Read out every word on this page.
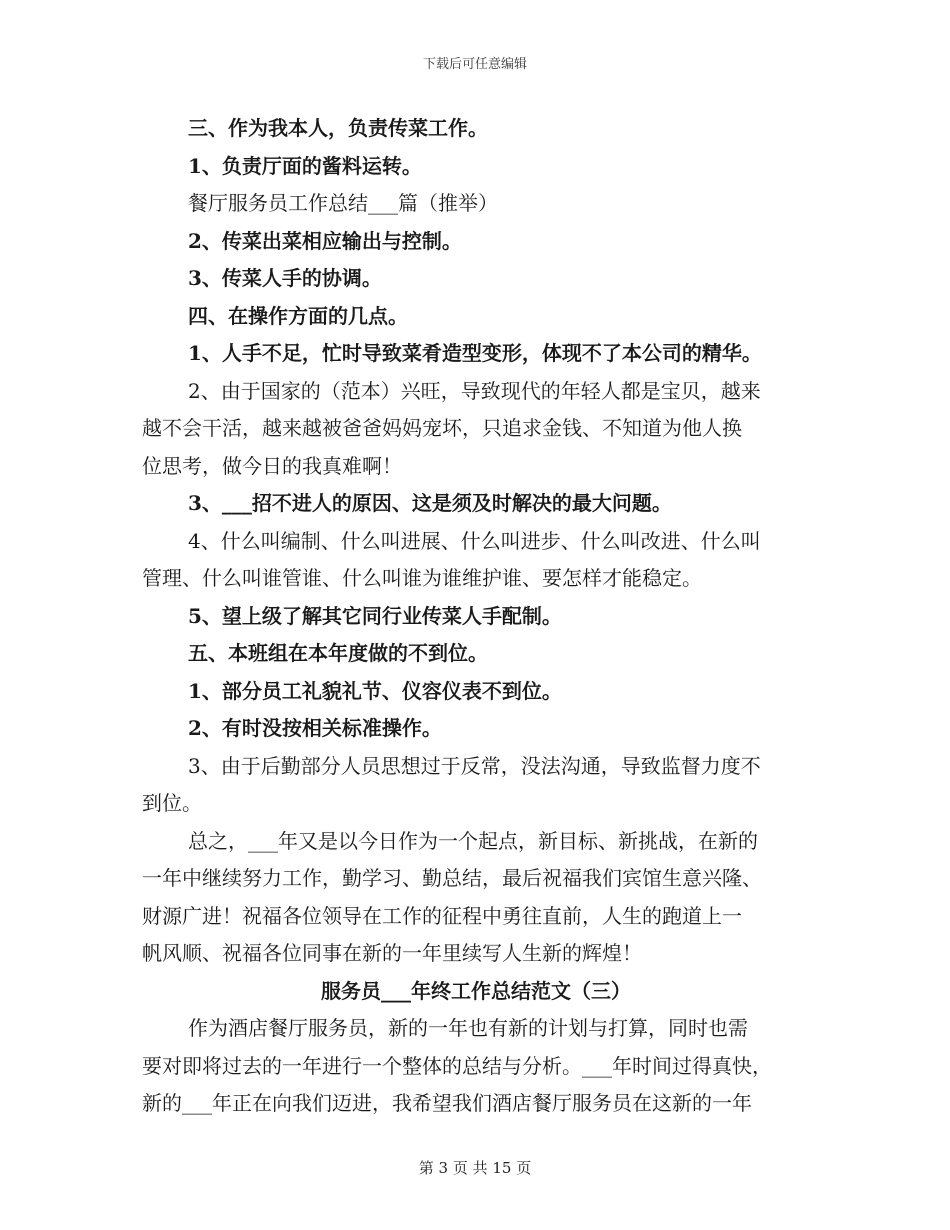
下载后可任意编辑
三、作为我本人，负责传菜工作。
1、负责厅面的酱料运转。
餐厅服务员工作总结___篇（推举）
2、传菜出菜相应输出与控制。
3、传菜人手的协调。
四、在操作方面的几点。
1、人手不足，忙时导致菜肴造型变形，体现不了本公司的精华。
2、由于国家的（范本）兴旺，导致现代的年轻人都是宝贝，越来
越不会干活，越来越被爸爸妈妈宠坏，只追求金钱、不知道为他人换
位思考，做今日的我真难啊！
3、___招不进人的原因、这是须及时解决的最大问题。
4、什么叫编制、什么叫进展、什么叫进步、什么叫改进、什么叫
管理、什么叫谁管谁、什么叫谁为谁维护谁、要怎样才能稳定。
5、望上级了解其它同行业传菜人手配制。
五、本班组在本年度做的不到位。
1、部分员工礼貌礼节、仪容仪表不到位。
2、有时没按相关标准操作。
3、由于后勤部分人员思想过于反常，没法沟通，导致监督力度不
到位。
总之，___年又是以今日作为一个起点，新目标、新挑战，在新的
一年中继续努力工作，勤学习、勤总结，最后祝福我们宾馆生意兴隆、
财源广进！祝福各位领导在工作的征程中勇往直前，人生的跑道上一
帆风顺、祝福各位同事在新的一年里续写人生新的辉煌！
服务员___年终工作总结范文（三）
作为酒店餐厅服务员，新的一年也有新的计划与打算，同时也需
要对即将过去的一年进行一个整体的总结与分析。___年时间过得真快，
新的___年正在向我们迈进，我希望我们酒店餐厅服务员在这新的一年
第 3 页 共 15 页
